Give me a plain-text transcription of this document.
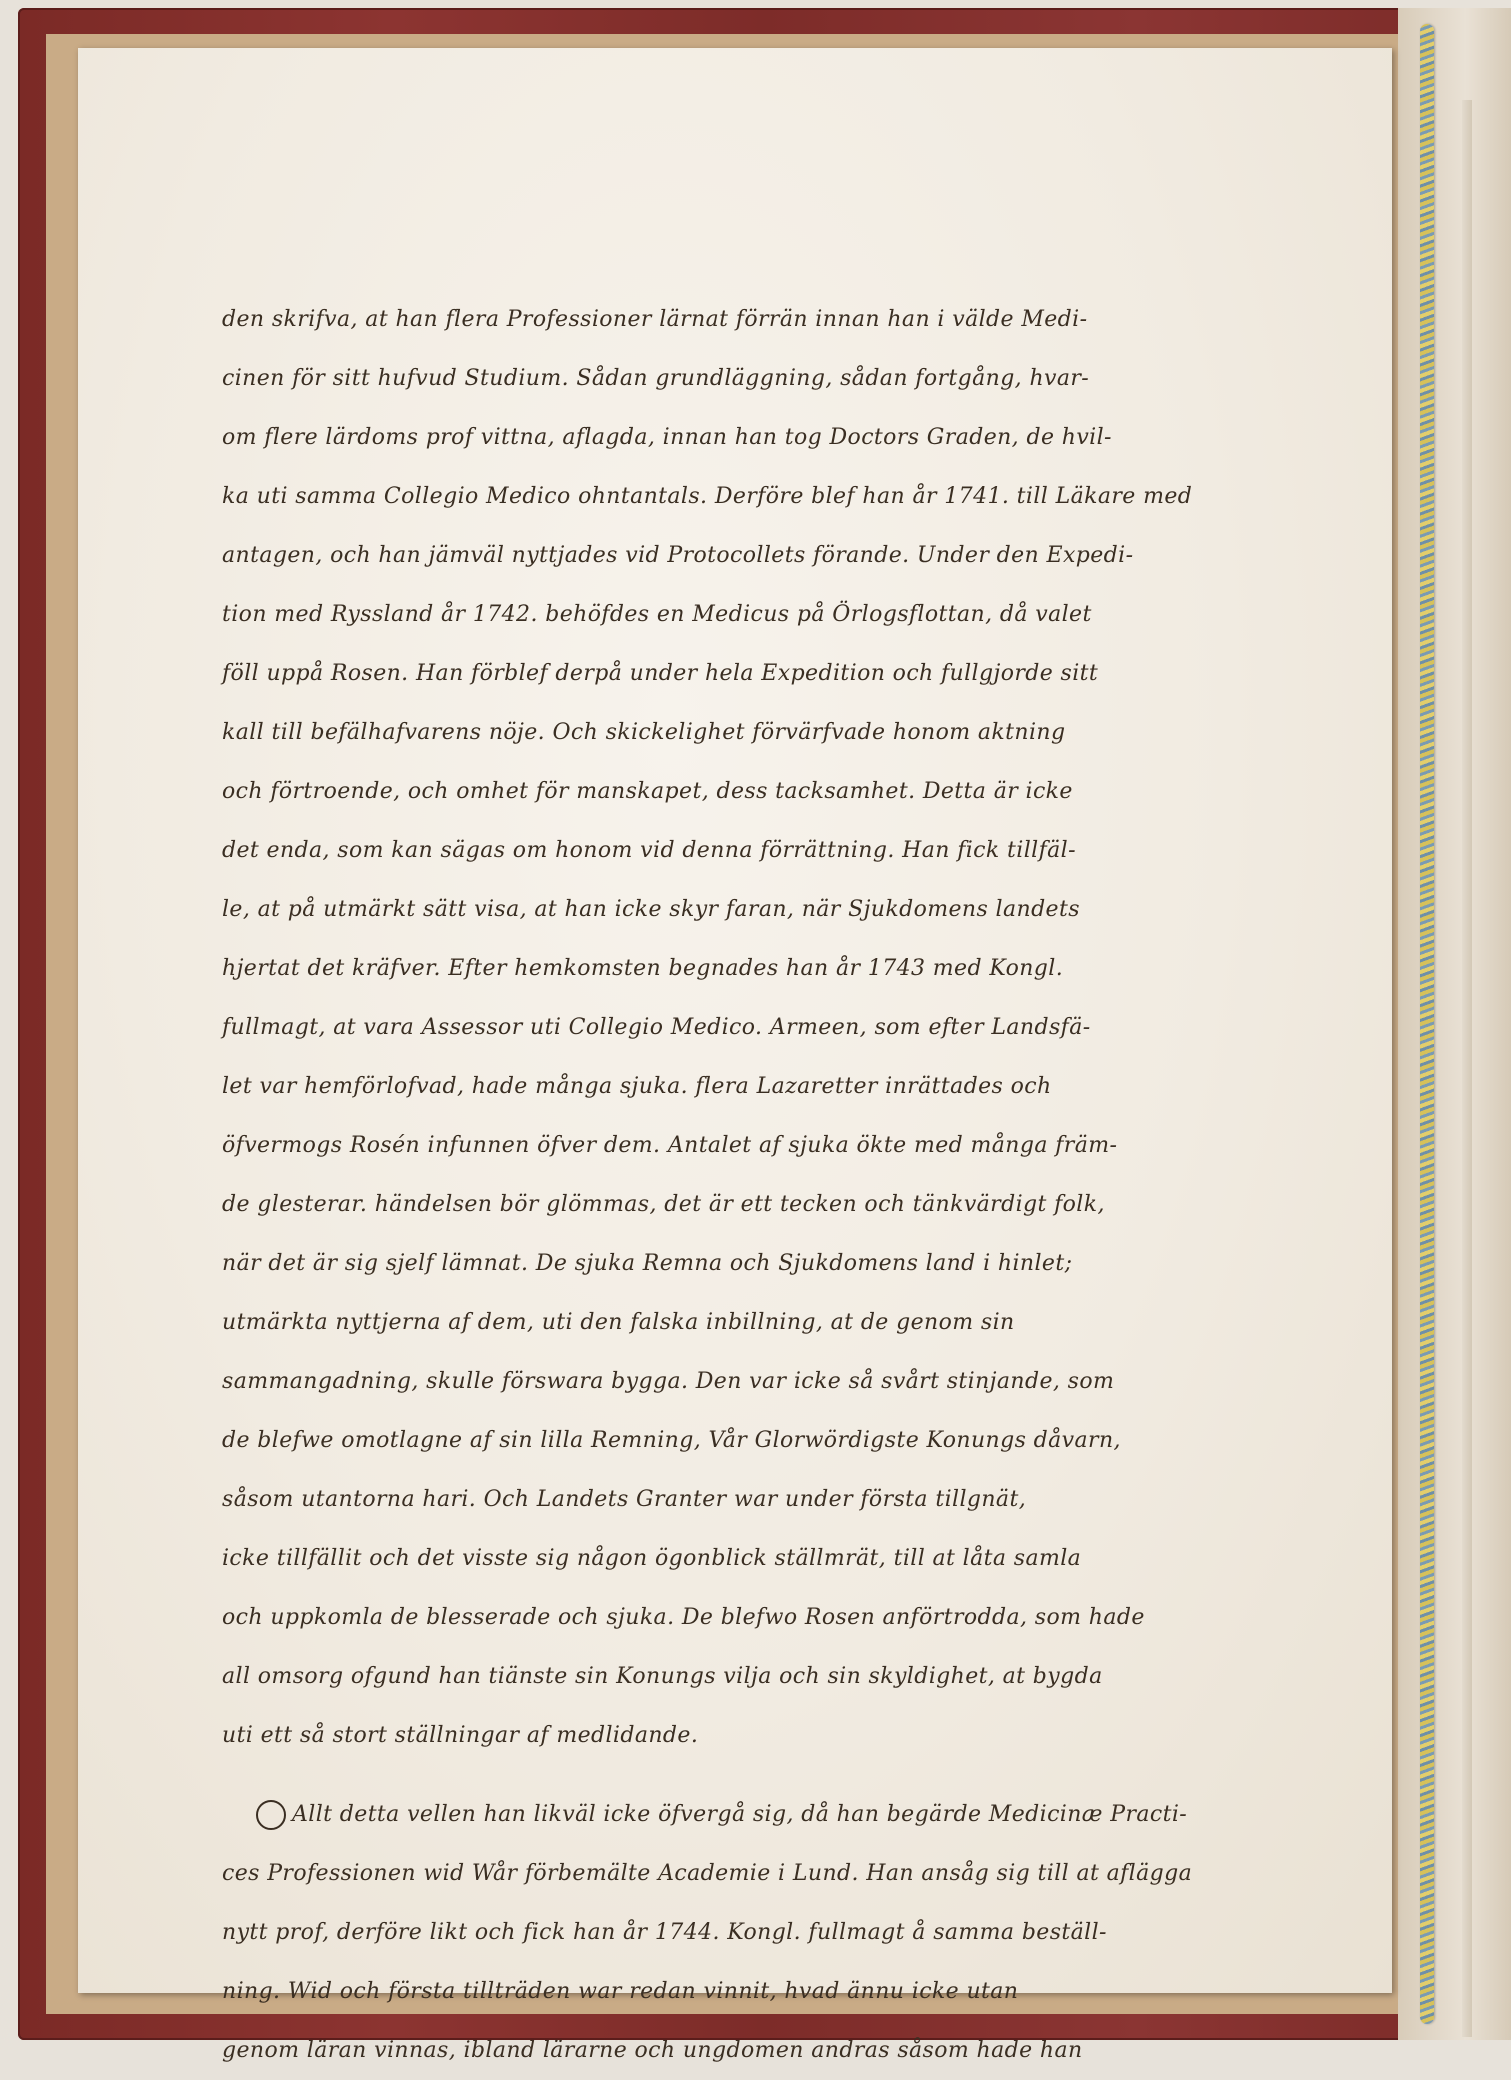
den skrifva, at han flera Professioner lärnat förrän innan han i välde Medi-
cinen för sitt hufvud Studium. Sådan grundläggning, sådan fortgång, hvar-
om flere lärdoms prof vittna, aflagda, innan han tog Doctors Graden, de hvil-
ka uti samma Collegio Medico ohntantals. Derföre blef han år 1741. till Läkare med
antagen, och han jämväl nyttjades vid Protocollets förande. Under den Expedi-
tion med Ryssland år 1742. behöfdes en Medicus på Örlogsflottan, då valet
föll uppå Rosen. Han förblef derpå under hela Expedition och fullgjorde sitt
kall till befälhafvarens nöje. Och skickelighet förvärfvade honom aktning
och förtroende, och omhet för manskapet, dess tacksamhet. Detta är icke
det enda, som kan sägas om honom vid denna förrättning. Han fick tillfäl-
le, at på utmärkt sätt visa, at han icke skyr faran, när Sjukdomens landets
hjertat det kräfver. Efter hemkomsten begnades han år 1743 med Kongl.
fullmagt, at vara Assessor uti Collegio Medico. Armeen, som efter Landsfä-
let var hemförlofvad, hade många sjuka. flera Lazaretter inrättades och
öfvermogs Rosén infunnen öfver dem. Antalet af sjuka ökte med många främ-
de glesterar. händelsen bör glömmas, det är ett tecken och tänkvärdigt folk,
när det är sig sjelf lämnat. De sjuka Remna och Sjukdomens land i hinlet;
utmärkta nyttjerna af dem, uti den falska inbillning, at de genom sin
sammangadning, skulle förswara bygga. Den var icke så svårt stinjande, som
de blefwe omotlagne af sin lilla Remning, Vår Glorwördigste Konungs dåvarn,
såsom utantorna hari. Och Landets Granter war under första tillgnät,
icke tillfällit och det visste sig någon ögonblick ställmrät, till at låta samla
och uppkomla de blesserade och sjuka. De blefwo Rosen anförtrodda, som hade
all omsorg ofgund han tiänste sin Konungs vilja och sin skyldighet, at bygda
uti ett så stort ställningar af medlidande.
Allt detta vellen han likväl icke öfvergå sig, då han begärde Medicinæ Practi-
ces Professionen wid Wår förbemälte Academie i Lund. Han ansåg sig till at aflägga
nytt prof, derföre likt och fick han år 1744. Kongl. fullmagt å samma beställ-
ning. Wid och första tillträden war redan vinnit, hvad ännu icke utan
genom läran vinnas, ibland lärarne och ungdomen andras såsom hade han
